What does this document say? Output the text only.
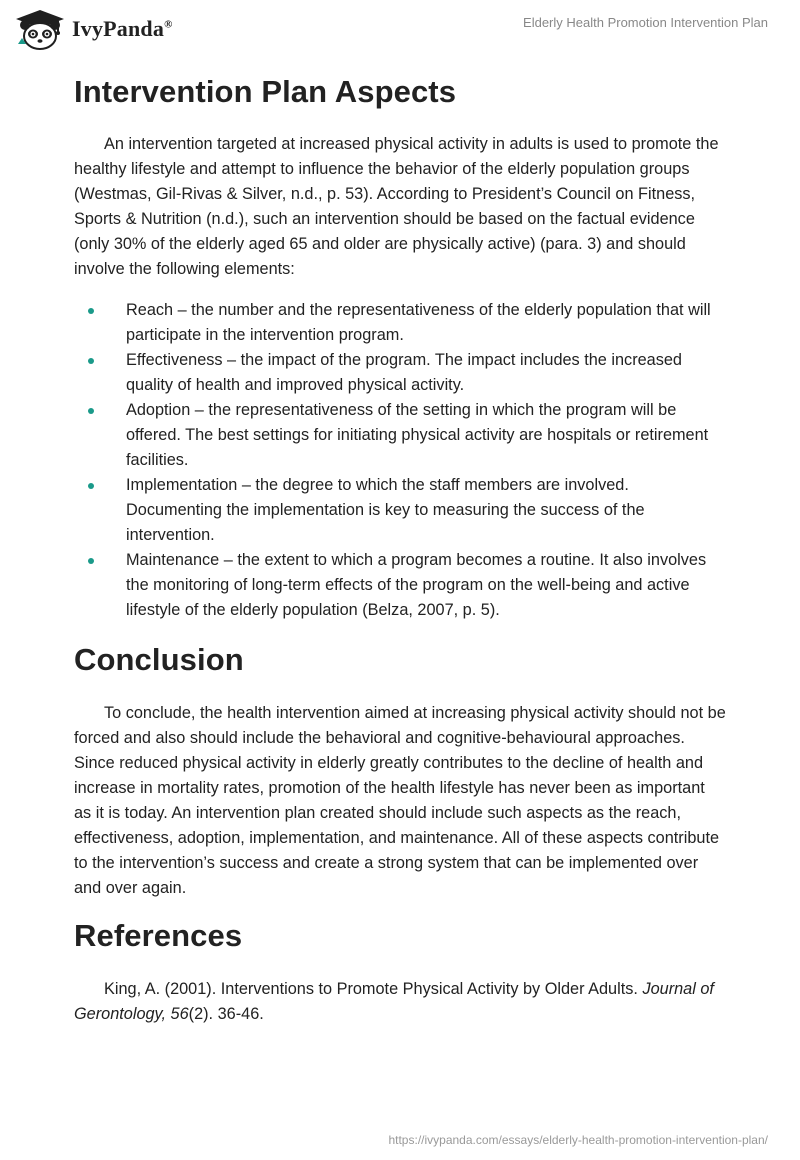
IvyPanda®	Elderly Health Promotion Intervention Plan
Intervention Plan Aspects

An intervention targeted at increased physical activity in adults is used to promote the healthy lifestyle and attempt to influence the behavior of the elderly population groups (Westmas, Gil-Rivas & Silver, n.d., p. 53). According to President’s Council on Fitness, Sports & Nutrition (n.d.), such an intervention should be based on the factual evidence (only 30% of the elderly aged 65 and older are physically active) (para. 3) and should involve the following elements:

Reach – the number and the representativeness of the elderly population that will participate in the intervention program.
Effectiveness – the impact of the program. The impact includes the increased quality of health and improved physical activity.
Adoption – the representativeness of the setting in which the program will be offered. The best settings for initiating physical activity are hospitals or retirement facilities.
Implementation – the degree to which the staff members are involved. Documenting the implementation is key to measuring the success of the intervention.
Maintenance – the extent to which a program becomes a routine. It also involves the monitoring of long-term effects of the program on the well-being and active lifestyle of the elderly population (Belza, 2007, p. 5).
Conclusion

To conclude, the health intervention aimed at increasing physical activity should not be forced and also should include the behavioral and cognitive-behavioural approaches. Since reduced physical activity in elderly greatly contributes to the decline of health and increase in mortality rates, promotion of the health lifestyle has never been as important as it is today. An intervention plan created should include such aspects as the reach, effectiveness, adoption, implementation, and maintenance. All of these aspects contribute to the intervention’s success and create a strong system that can be implemented over and over again.

References

King, A. (2001). Interventions to Promote Physical Activity by Older Adults. Journal of Gerontology, 56(2). 36-46.

https://ivypanda.com/essays/elderly-health-promotion-intervention-plan/
